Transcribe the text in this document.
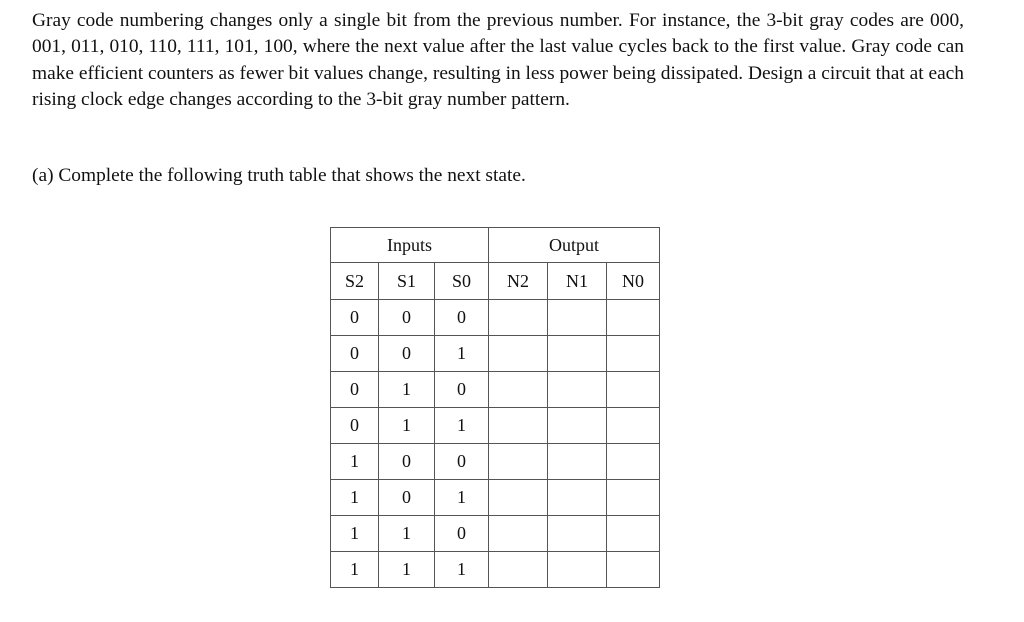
Gray code numbering changes only a single bit from the previous number. For instance, the 3-bit gray codes are 000, 001, 011, 010, 110, 111, 101, 100, where the next value after the last value cycles back to the first value. Gray code can make efficient counters as fewer bit values change, resulting in less power being dissipated. Design a circuit that at each rising clock edge changes according to the 3-bit gray number pattern.

(a) Complete the following truth table that shows the next state.

Inputs			Output		
S2	S1	S0	N2	N1	N0
0	0	0			
0	0	1			
0	1	0			
0	1	1			
1	0	0			
1	0	1			
1	1	0			
1	1	1			
